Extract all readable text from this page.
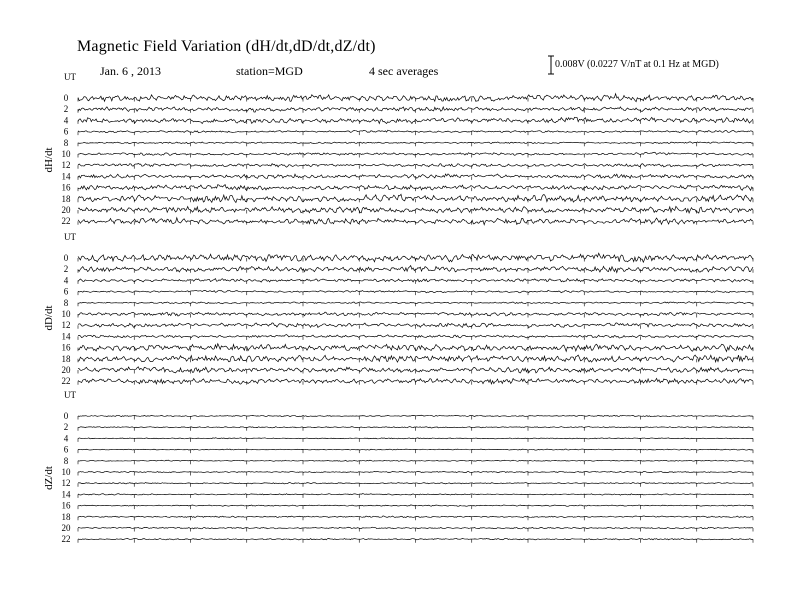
Magnetic Field Variation (dH/dt,dD/dt,dZ/dt)
Jan. 6 , 2013	station=MGD	4 sec averages	0.008V (0.0227 V/nT at 0.1 Hz at MGD)
UT
dH/dt
0
2
4
6
8
10
12
14
16
18
20
22
UT
dD/dt
0
2
4
6
8
10
12
14
16
18
20
22
UT
dZ/dt
0
2
4
6
8
10
12
14
16
18
20
22
